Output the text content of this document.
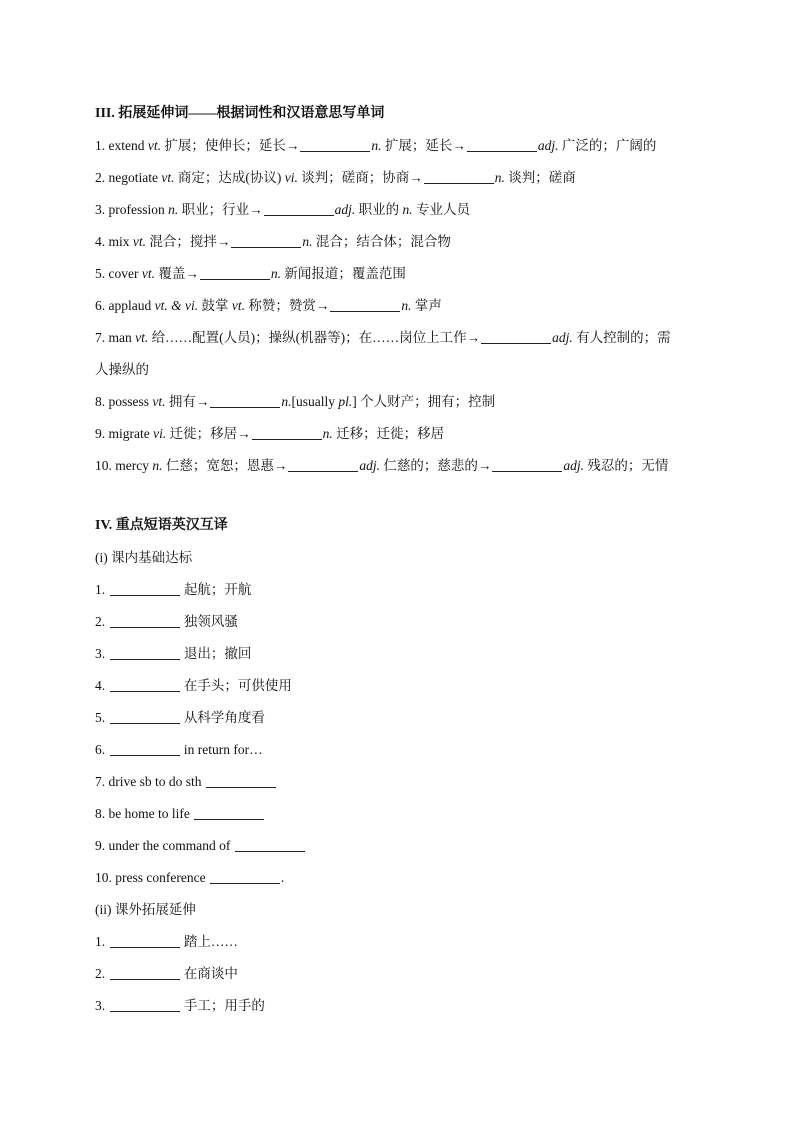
III. 拓展延伸词——根据词性和汉语意思写单词
1. extend vt. 扩展；使伸长；延长→	n. 扩展；延长→	adj. 广泛的；广阔的
2. negotiate vt. 商定；达成(协议) vi. 谈判；磋商；协商→	n. 谈判；磋商
3. profession n. 职业；行业→	adj. 职业的 n. 专业人员
4. mix vt. 混合；搅拌→	n. 混合；结合体；混合物
5. cover vt. 覆盖→	n. 新闻报道；覆盖范围
6. applaud vt. & vi. 鼓掌 vt. 称赞；赞赏→	n. 掌声
7. man vt. 给……配置(人员)；操纵(机器等)；在……岗位上工作→	adj. 有人控制的；需
人操纵的
8. possess vt. 拥有→	n.[usually pl.] 个人财产；拥有；控制
9. migrate vi. 迁徙；移居→	n. 迁移；迁徙；移居
10. mercy n. 仁慈；宽恕；恩惠→	adj. 仁慈的；慈悲的→	adj. 残忍的；无情
IV. 重点短语英汉互译
(i) 课内基础达标
1.	起航；开航
2.	独领风骚
3.	退出；撤回
4.	在手头；可供使用
5.	从科学角度看
6.	in return for…
7. drive sb to do sth
8. be home to life
9. under the command of
10. press conference	.
(ii) 课外拓展延伸
1.	踏上……
2.	在商谈中
3.	手工；用手的
